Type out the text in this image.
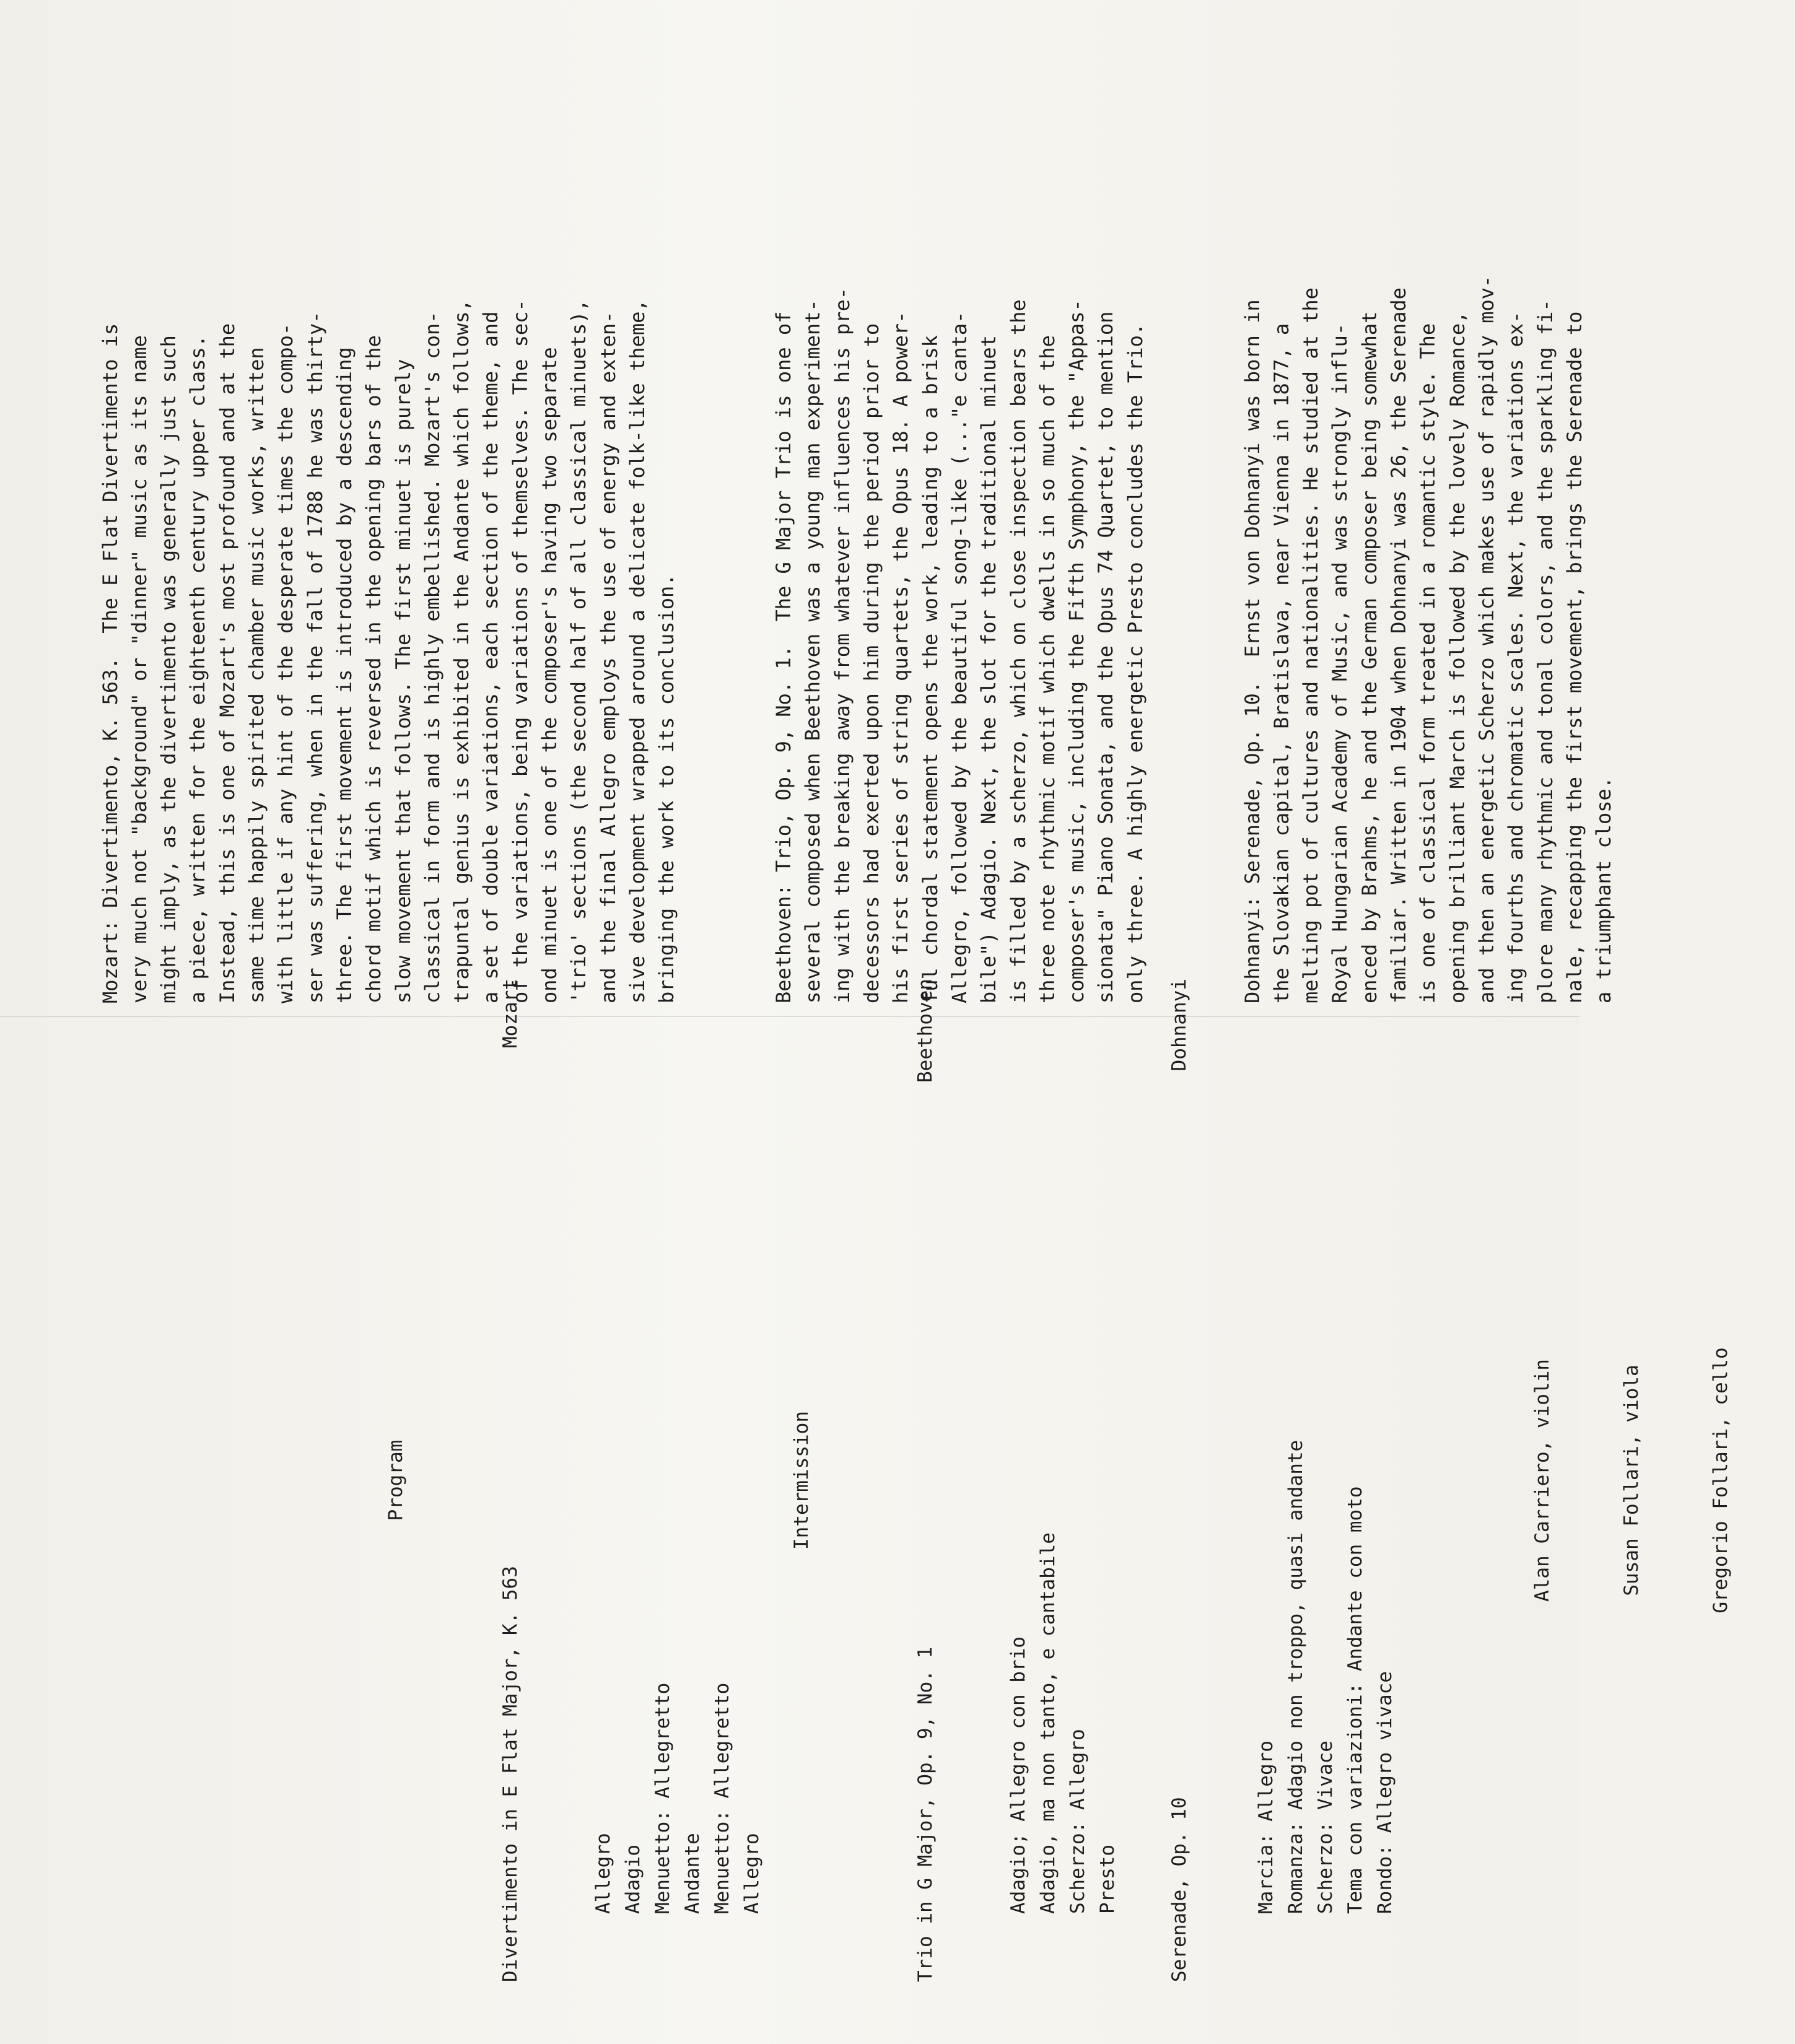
Mozart: Divertimento, K. 563.  The E Flat Divertimento is very much not "background" or "dinner" music as its name might imply, as the divertimento was generally just such a piece, written for the eighteenth century upper class. Instead, this is one of Mozart's most profound and at the same time happily spirited chamber music works, written with little if any hint of the desperate times the compo- ser was suffering, when in the fall of 1788 he was thirty- three. The first movement is introduced by a descending chord motif which is reversed in the opening bars of the slow movement that follows. The first minuet is purely classical in form and is highly embellished. Mozart's con- trapuntal genius is exhibited in the Andante which follows, a set of double variations, each section of the theme, and of the variations, being variations of themselves. The sec- ond minuet is one of the composer's having two separate 'trio' sections (the second half of all classical minuets), and the final Allegro employs the use of energy and exten- sive development wrapped around a delicate folk-like theme, bringing the work to its conclusion.

	Beethoven: Trio, Op. 9, No. 1.  The G Major Trio is one of several composed when Beethoven was a young man experiment- ing with the breaking away from whatever influences his pre- decessors had exerted upon him during the period prior to his first series of string quartets, the Opus 18. A power- ful chordal statement opens the work, leading to a brisk Allegro, followed by the beautiful song-like (..."e canta- bile") Adagio. Next, the slot for the traditional minuet is filled by a scherzo, which on close inspection bears the three note rhythmic motif which dwells in so much of the composer's music, including the Fifth Symphony, the "Appas- sionata" Piano Sonata, and the Opus 74 Quartet, to mention only three. A highly energetic Presto concludes the Trio.

	Dohnanyi: Serenade, Op. 10.  Ernst von Dohnanyi was born in the Slovakian capital, Bratislava, near Vienna in 1877, a melting pot of cultures and nationalities. He studied at the Royal Hungarian Academy of Music, and was strongly influ- enced by Brahms, he and the German composer being somewhat familiar. Written in 1904 when Dohnanyi was 26, the Serenade is one of classical form treated in a romantic style. The opening brilliant March is followed by the lovely Romance, and then an energetic Scherzo which makes use of rapidly mov- ing fourths and chromatic scales. Next, the variations ex- plore many rhythmic and tonal colors, and the sparkling fi- nale, recapping the first movement, brings the Serenade to a triumphant close.

Program

Divertimento in E Flat Major, K. 563

Mozart

Allegro Adagio Menuetto: Allegretto Andante Menuetto: Allegretto Allegro

Intermission

Trio in G Major, Op. 9, No. 1

Beethoven

Adagio; Allegro con brio Adagio, ma non tanto, e cantabile Scherzo: Allegro Presto

	Serenade, Op. 10

Dohnanyi

Marcia: Allegro Romanza: Adagio non troppo, quasi andante Scherzo: Vivace Tema con variazioni: Andante con moto Rondo: Allegro vivace

Alan Carriero, violin

	Susan Follari, viola

	Gregorio Follari, cello
